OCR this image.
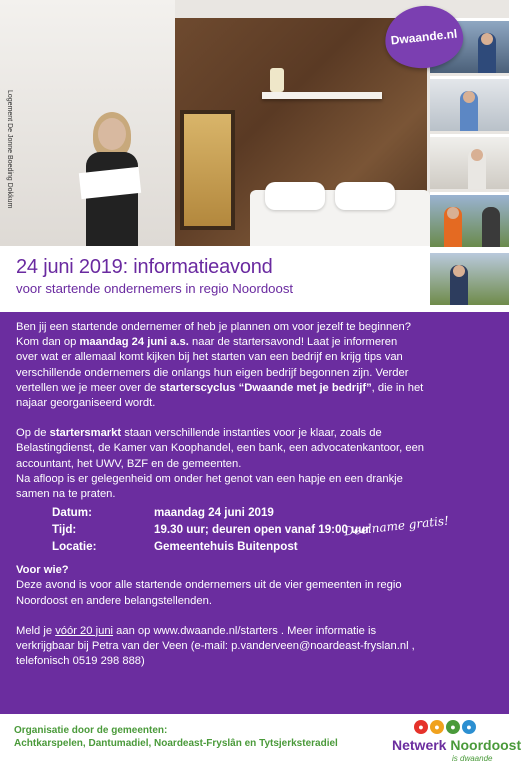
Logement De Jonne Boeding Dokkum
Dwaande.nl
24 juni 2019: informatieavond
voor startende ondernemers in regio Noordoost

Ben jij een startende ondernemer of heb je plannen om voor jezelf te beginnen?

Kom dan op maandag 24 juni a.s. naar de startersavond! Laat je informeren

over wat er allemaal komt kijken bij het starten van een bedrijf en krijg tips van

verschillende ondernemers die onlangs hun eigen bedrijf begonnen zijn. Verder

vertellen we je meer over de starterscyclus “Dwaande met je bedrijf”, die in het

najaar georganiseerd wordt.

Op de startersmarkt staan verschillende instanties voor je klaar, zoals de

Belastingdienst, de Kamer van Koophandel, een bank, een advocatenkantoor, een

accountant, het UWV, BZF en de gemeenten.

Na afloop is er gelegenheid om onder het genot van een hapje en een drankje

samen na te praten.

Datum:	maandag 24 juni 2019
Tijd:	19.30 uur; deuren open vanaf 19:00 uur
Locatie:	Gemeentehuis Buitenpost
Deelname gratis!

Voor wie?

Deze avond is voor alle startende ondernemers uit de vier gemeenten in regio

Noordoost en andere belangstellenden.

Meld je vóór 20 juni aan op www.dwaande.nl/starters . Meer informatie is

verkrijgbaar bij Petra van der Veen (e-mail: p.vanderveen@noardeast-fryslan.nl ,

telefonisch 0519 298 888)

Organisatie door de gemeenten:
Achtkarspelen, Dantumadiel, Noardeast-Fryslân en Tytsjerksteradiel
●	●	●	●
Netwerk Noordoost
is dwaande
